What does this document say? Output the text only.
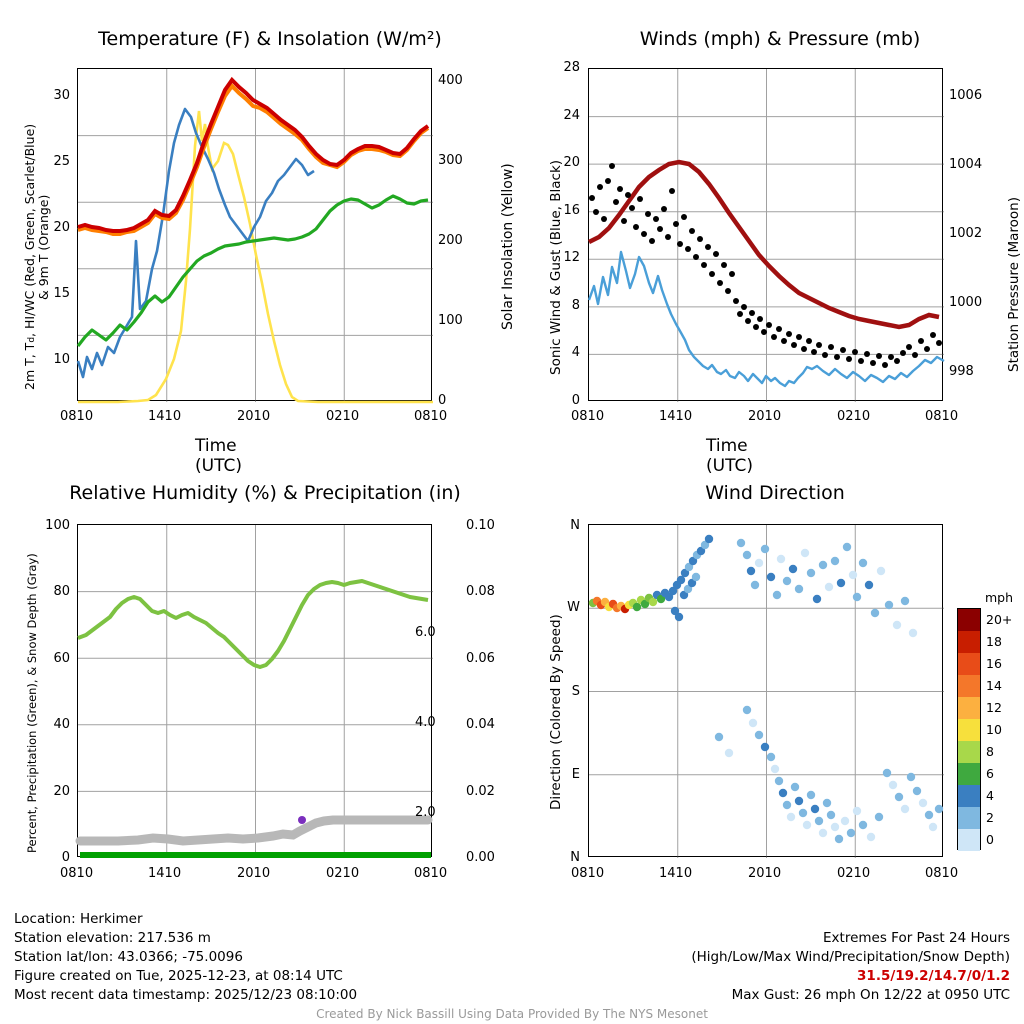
Temperature (F) & Insolation (W/m²)
10
15
20
25
30
0
100
200
300
400
0810	1410	2010	0210	0810
Time (UTC)
2m T, Td, HI/WC (Red, Green, Scarlet/Blue) & 9m T (Orange)	Solar Insolation (Yellow)
Winds (mph) & Pressure (mb)
0
4
8
12
16
20
24
28
998
1000
1002
1004
1006
0810	1410	2010	0210	0810
Time (UTC)
Sonic Wind & Gust (Blue, Black)	Station Pressure (Maroon)
Relative Humidity (%) & Precipitation (in)
0
20
40
60
80
100
0.00
0.02
0.04
0.06
0.08
0.10
2.0
4.0
6.0
0810	1410	2010	0210	0810
Percent, Precipitation (Green), & Snow Depth (Gray)
Wind Direction
N
E
S
W
N
0810	1410	2010	0210	0810
Direction (Colored By Speed)
mph
20+
18
16
14
12
10
8
6
4
2
0
Location: Herkimer
Station elevation: 217.536 m
Station lat/lon: 43.0366; -75.0096
Figure created on Tue, 2025-12-23, at 08:14 UTC
Most recent data timestamp: 2025/12/23 08:10:00
Extremes For Past 24 Hours
(High/Low/Max Wind/Precipitation/Snow Depth)
31.5/19.2/14.7/0/1.2
Max Gust: 26 mph On 12/22 at 0950 UTC
Created By Nick Bassill Using Data Provided By The NYS Mesonet
